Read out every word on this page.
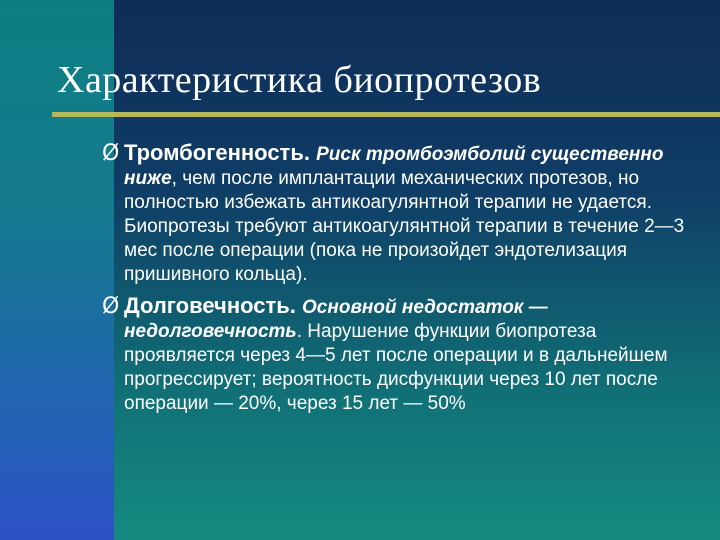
Характеристика биопротезов
Ø Тромбогенность. Риск тромбоэмболий существенно ниже, чем после имплантации механических протезов, но полностью избежать антикоагулянтной терапии не удается. Биопротезы требуют антикоагулянтной терапии в течение 2—3 мес после операции (пока не произойдет эндотелизация пришивного кольца).
Ø Долговечность. Основной недостаток — недолговечность. Нарушение функции биопротеза проявляется через 4—5 лет после операции и в дальнейшем прогрессирует; вероятность дисфункции через 10 лет после операции — 20%, через 15 лет — 50%
